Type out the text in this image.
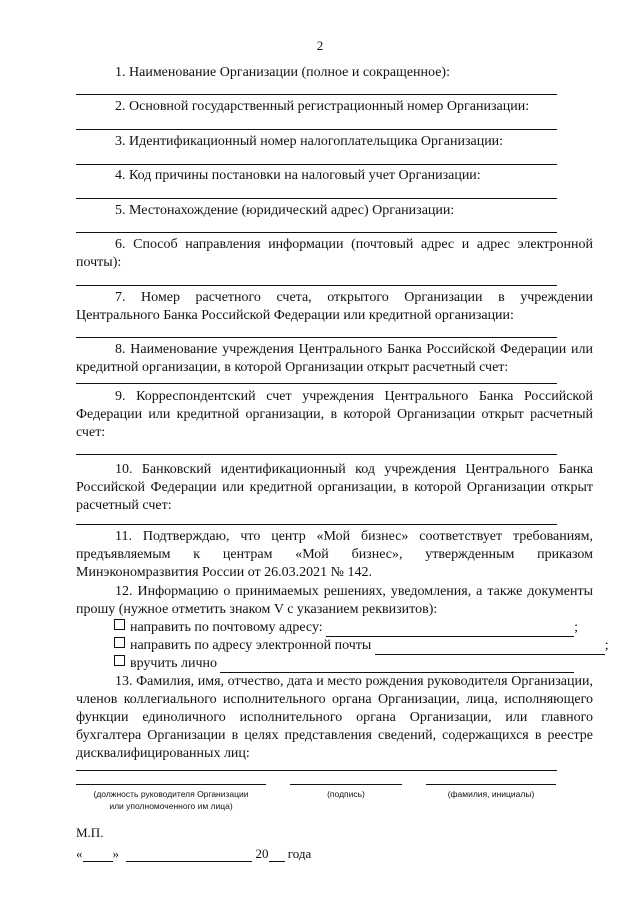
2
1. Наименование Организации (полное и сокращенное):
2. Основной государственный регистрационный номер Организации:
3. Идентификационный номер налогоплательщика Организации:
4. Код причины постановки на налоговый учет Организации:
5. Местонахождение (юридический адрес) Организации:
6. Способ направления информации (почтовый адрес и адрес электронной почты):
7. Номер расчетного счета, открытого Организации в учреждении Центрального Банка Российской Федерации или кредитной организации:
8. Наименование учреждения Центрального Банка Российской Федерации или кредитной организации, в которой Организации открыт расчетный счет:
9. Корреспондентский счет учреждения Центрального Банка Российской Федерации или кредитной организации, в которой Организации открыт расчетный счет:
10. Банковский идентификационный код учреждения Центрального Банка Российской Федерации или кредитной организации, в которой Организации открыт расчетный счет:
11. Подтверждаю, что центр «Мой бизнес» соответствует требованиям, предъявляемым к центрам «Мой бизнес», утвержденным приказом Минэкономразвития России от 26.03.2021 № 142.
12. Информацию о принимаемых решениях, уведомления, а также документы прошу (нужное отметить знаком V с указанием реквизитов):
направить по почтовому адресу:	;
направить по адресу электронной почты	;
вручить лично
13. Фамилия, имя, отчество, дата и место рождения руководителя Организации, членов коллегиального исполнительного органа Организации, лица, исполняющего функции единоличного исполнительного органа Организации, или главного бухгалтера Организации в целях представления сведений, содержащихся в реестре дисквалифицированных лиц:
(должность руководителя Организации
или уполномоченного им лица)
(подпись)	(фамилия, инициалы)
М.П.
« »	20 года
